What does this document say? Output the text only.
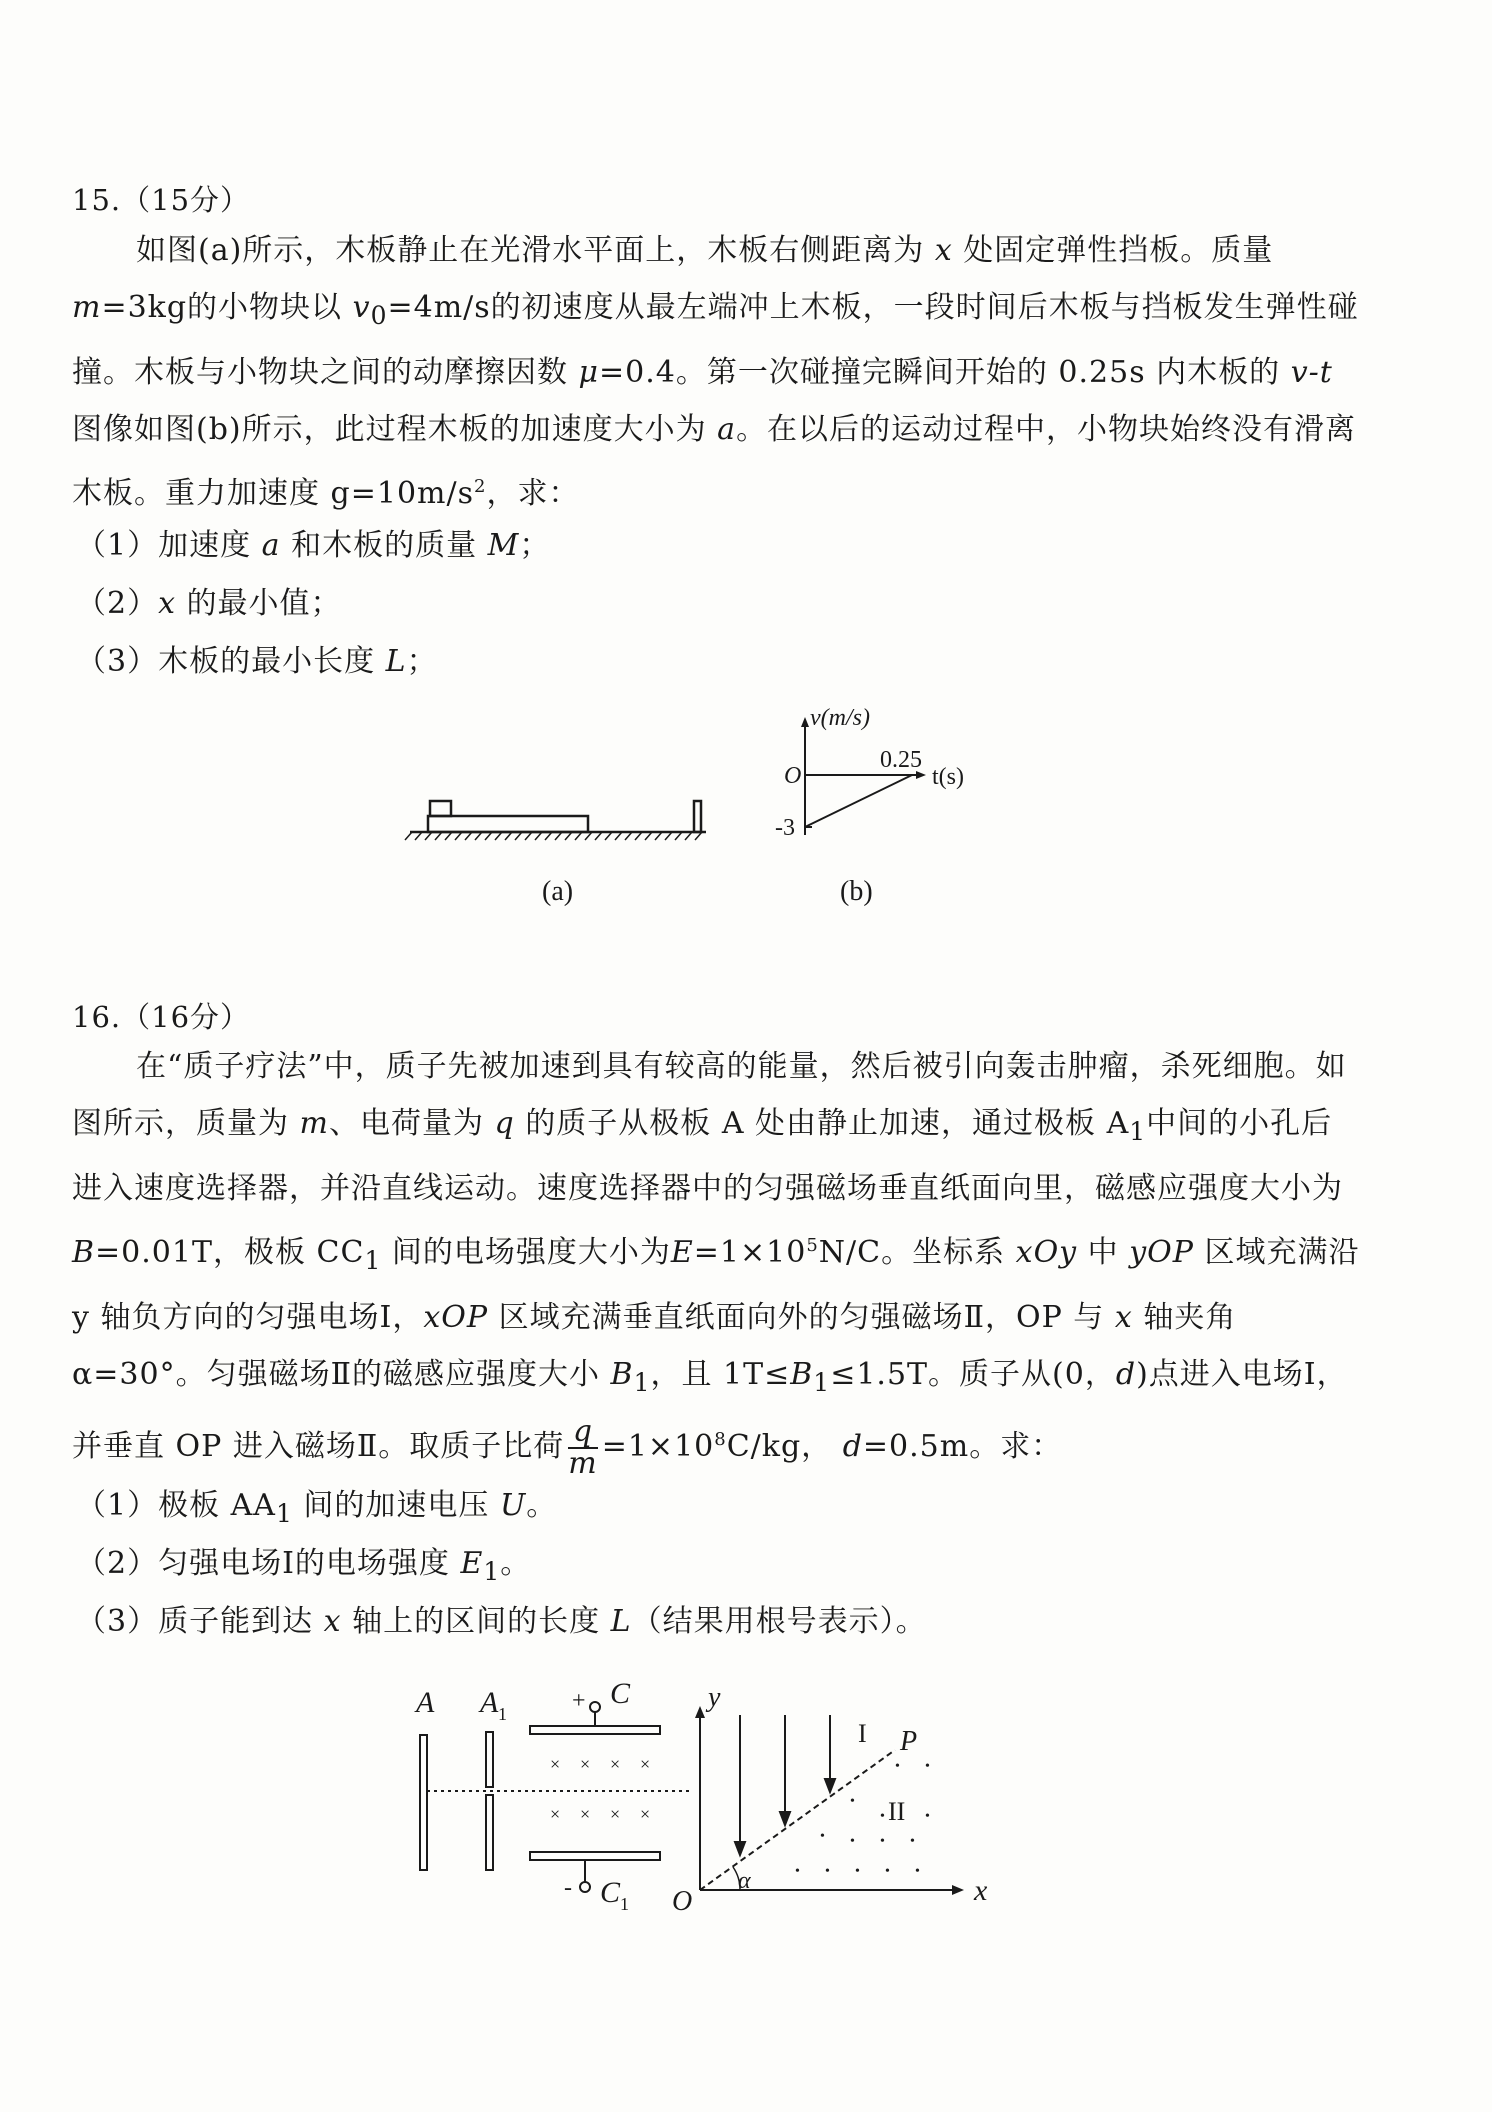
15.（15分）
如图(a)所示，木板静止在光滑水平面上，木板右侧距离为 x 处固定弹性挡板。质量 m=3kg的小物块以 $v_0=4m/s$的初速度从最左端冲上木板，一段时间后木板与挡板发生弹性碰撞。木板与小物块之间的动摩擦因数 μ=0.4。第一次碰撞完瞬间开始的 0.25s 内木板的 v-t 图像如图(b)所示，此过程木板的加速度大小为 a。在以后的运动过程中，小物块始终没有滑离木板。重力加速度 $g=10m/s^2$，求：
（1）加速度 a 和木板的质量 M；
（2）x 的最小值；
（3）木板的最小长度 L；
(a)
v(m/s)
t(s)
O
0.25
-3
(b)
16.（16分）
在“质子疗法”中，质子先被加速到具有较高的能量，然后被引向轰击肿瘤，杀死细胞。如图所示，质量为 m、电荷量为 q 的质子从极板 A 处由静止加速，通过极板 $A_1$中间的小孔后进入速度选择器，并沿直线运动。速度选择器中的匀强磁场垂直纸面向里，磁感应强度大小为 B=0.01T，极板 $CC_1$ 间的电场强度大小为$E=1\times 10^5N/C$。坐标系 xOy 中 yOP 区域充满沿 y 轴负方向的匀强电场Ⅰ，xOP 区域充满垂直纸面向外的匀强磁场Ⅱ，OP 与 x 轴夹角 α=30°。匀强磁场Ⅱ的磁感应强度大小 $B_1$，且 $1T\le B_1\le 1.5T$。质子从(0，d)点进入电场Ⅰ，并垂直 OP 进入磁场Ⅱ。取质子比荷 $\frac{q}{m} =1\times 10^8C/kg$， d=0.5m。求：
（1）极板 $AA_1$ 间的加速电压 U。
（2）匀强电场Ⅰ的电场强度 $E_1$。
（3）质子能到达 x 轴上的区间的长度 L（结果用根号表示）。
A A 1	+ C
- C 1
× × × ×
× × × ×
y
x
O
P
α
I
II
• •
•
•	•
• • • •
• • • • •
